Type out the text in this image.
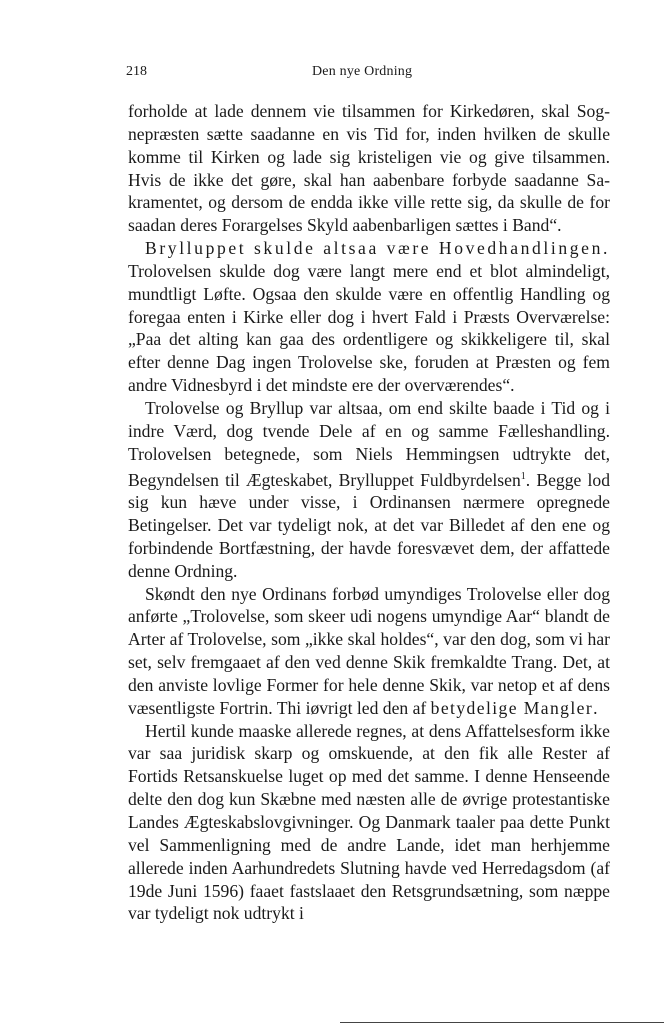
218	Den nye Ordning

forholde at lade dennem vie tilsammen for Kirkedøren, skal Sognepræsten sætte saadanne en vis Tid for, inden hvilken de skulle komme til Kirken og lade sig kristeligen vie og give tilsammen. Hvis de ikke det gøre, skal han aabenbare forbyde saadanne Sakramentet, og dersom de endda ikke ville rette sig, da skulle de for saadan deres Forargelses Skyld aabenbarligen sættes i Band“.

Brylluppet skulde altsaa være Hovedhandlingen. Trolovelsen skulde dog være langt mere end et blot almindeligt, mundtligt Løfte. Ogsaa den skulde være en offentlig Handling og foregaa enten i Kirke eller dog i hvert Fald i Præsts Overværelse: „Paa det alting kan gaa des ordentligere og skikkeligere til, skal efter denne Dag ingen Trolovelse ske, foruden at Præsten og fem andre Vidnesbyrd i det mindste ere der overværendes“.

Trolovelse og Bryllup var altsaa, om end skilte baade i Tid og i indre Værd, dog tvende Dele af en og samme Fælleshandling. Trolovelsen betegnede, som Niels Hemmingsen udtrykte det, Begyndelsen til Ægteskabet, Brylluppet Fuldbyrdelsen$^1$. Begge lod sig kun hæve under visse, i Ordinansen nærmere opregnede Betingelser. Det var tydeligt nok, at det var Billedet af den ene og forbindende Bortfæstning, der havde foresvævet dem, der affattede denne Ordning.

Skøndt den nye Ordinans forbød umyndiges Trolovelse eller dog anførte „Trolovelse, som skeer udi nogens umyndige Aar“ blandt de Arter af Trolovelse, som „ikke skal holdes“, var den dog, som vi har set, selv fremgaaet af den ved denne Skik fremkaldte Trang. Det, at den anviste lovlige Former for hele denne Skik, var netop et af dens væsentligste Fortrin. Thi iøvrigt led den af betydelige Mangler.

Hertil kunde maaske allerede regnes, at dens Affattelsesform ikke var saa juridisk skarp og omskuende, at den fik alle Rester af Fortids Retsanskuelse luget op med det samme. I denne Henseende delte den dog kun Skæbne med næsten alle de øvrige protestantiske Landes Ægteskabslovgivninger. Og Danmark taaler paa dette Punkt vel Sammenligning med de andre Lande, idet man herhjemme allerede inden Aarhundredets Slutning havde ved Herredagsdom (af 19de Juni 1596) faaet fastslaaet den Retsgrundsætning, som næppe var tydeligt nok udtrykt i
